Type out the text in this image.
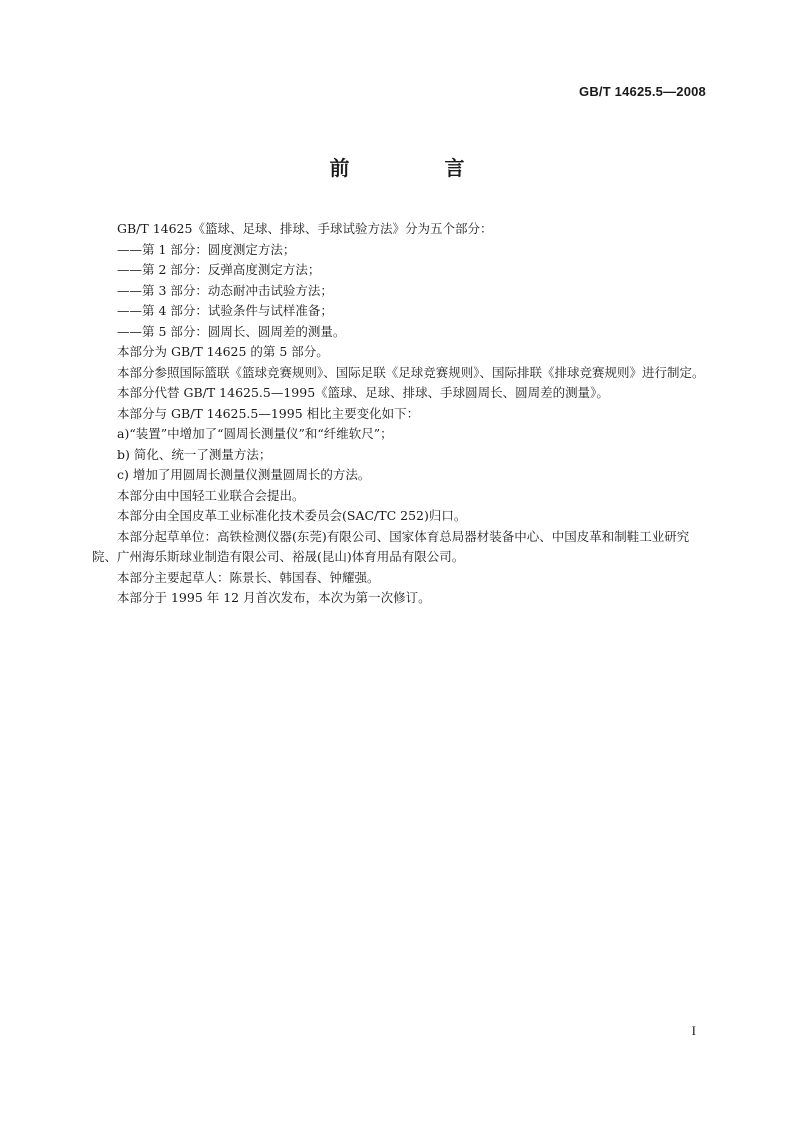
GB/T 14625.5—2008
前 言

GB/T 14625《篮球、足球、排球、手球试验方法》分为五个部分：

——第 1 部分：圆度测定方法；

——第 2 部分：反弹高度测定方法；

——第 3 部分：动态耐冲击试验方法；

——第 4 部分：试验条件与试样准备；

——第 5 部分：圆周长、圆周差的测量。

本部分为 GB/T 14625 的第 5 部分。

本部分参照国际篮联《篮球竞赛规则》、国际足联《足球竞赛规则》、国际排联《排球竞赛规则》进行制定。

本部分代替 GB/T 14625.5—1995《篮球、足球、排球、手球圆周长、圆周差的测量》。

本部分与 GB/T 14625.5—1995 相比主要变化如下：

a)“装置”中增加了“圆周长测量仪”和“纤维软尺”；

b) 简化、统一了测量方法；

c) 增加了用圆周长测量仪测量圆周长的方法。

本部分由中国轻工业联合会提出。

本部分由全国皮革工业标准化技术委员会(SAC/TC 252)归口。

本部分起草单位：高铁检测仪器(东莞)有限公司、国家体育总局器材装备中心、中国皮革和制鞋工业研究院、广州海乐斯球业制造有限公司、裕晟(昆山)体育用品有限公司。

本部分主要起草人：陈景长、韩国春、钟耀强。

本部分于 1995 年 12 月首次发布，本次为第一次修订。

I
